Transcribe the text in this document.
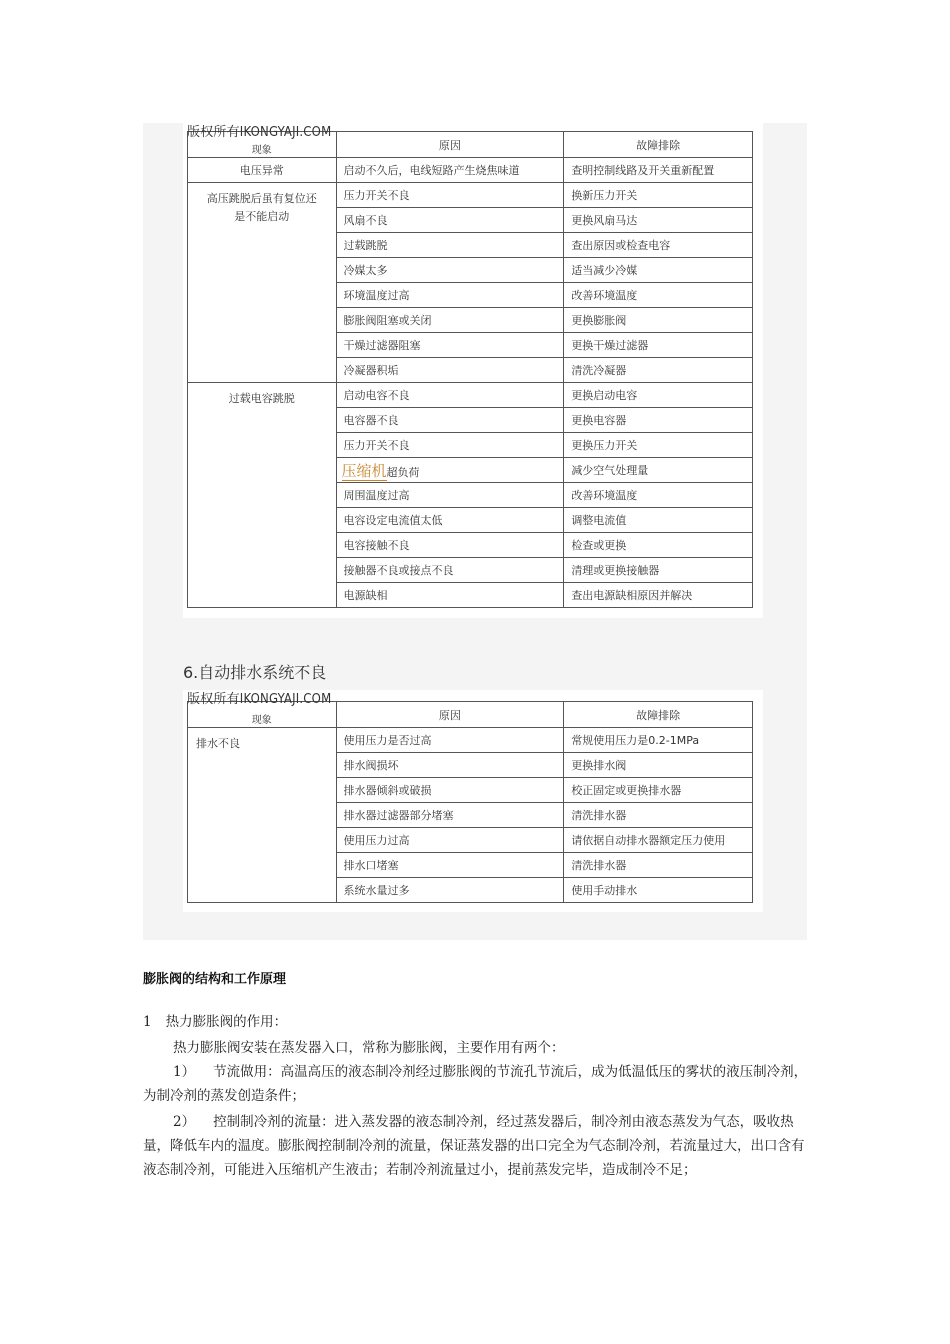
版权所有IKONGYAJI.COM
现象	原因	故障排除
电压异常	启动不久后，电线短路产生烧焦味道	查明控制线路及开关重新配置

高压跳脱后虽有复位还
是不能启动	压力开关不良	换新压力开关
	风扇不良	更换风扇马达
	过载跳脱	查出原因或检查电容
	冷媒太多	适当减少冷媒
	环境温度过高	改善环境温度
	膨胀阀阻塞或关闭	更换膨胀阀
	干燥过滤器阻塞	更换干燥过滤器
	冷凝器积垢	清洗冷凝器
过载电容跳脱	启动电容不良	更换启动电容
	电容器不良	更换电容器
	压力开关不良	更换压力开关
	压缩机超负荷	减少空气处理量
	周围温度过高	改善环境温度
	电容设定电流值太低	调整电流值
	电容接触不良	检查或更换
	接触器不良或接点不良	清理或更换接触器
	电源缺相	查出电源缺相原因并解决
6.自动排水系统不良
版权所有IKONGYAJI.COM
现象	原因	故障排除
排水不良	使用压力是否过高	常规使用压力是0.2-1MPa
	排水阀损坏	更换排水阀
	排水器倾斜或破损	校正固定或更换排水器
	排水器过滤器部分堵塞	清洗排水器
	使用压力过高	请依据自动排水器额定压力使用
	排水口堵塞	清洗排水器
	系统水量过多	使用手动排水
膨胀阀的结构和工作原理
1 热力膨胀阀的作用：
热力膨胀阀安装在蒸发器入口，常称为膨胀阀，主要作用有两个：
1） 节流做用：高温高压的液态制冷剂经过膨胀阀的节流孔节流后，成为低温低压的雾状的液压制冷剂，为制冷剂的蒸发创造条件；
2） 控制制冷剂的流量：进入蒸发器的液态制冷剂，经过蒸发器后，制冷剂由液态蒸发为气态，吸收热量，降低车内的温度。膨胀阀控制制冷剂的流量，保证蒸发器的出口完全为气态制冷剂，若流量过大，出口含有液态制冷剂，可能进入压缩机产生液击；若制冷剂流量过小，提前蒸发完毕，造成制冷不足；
